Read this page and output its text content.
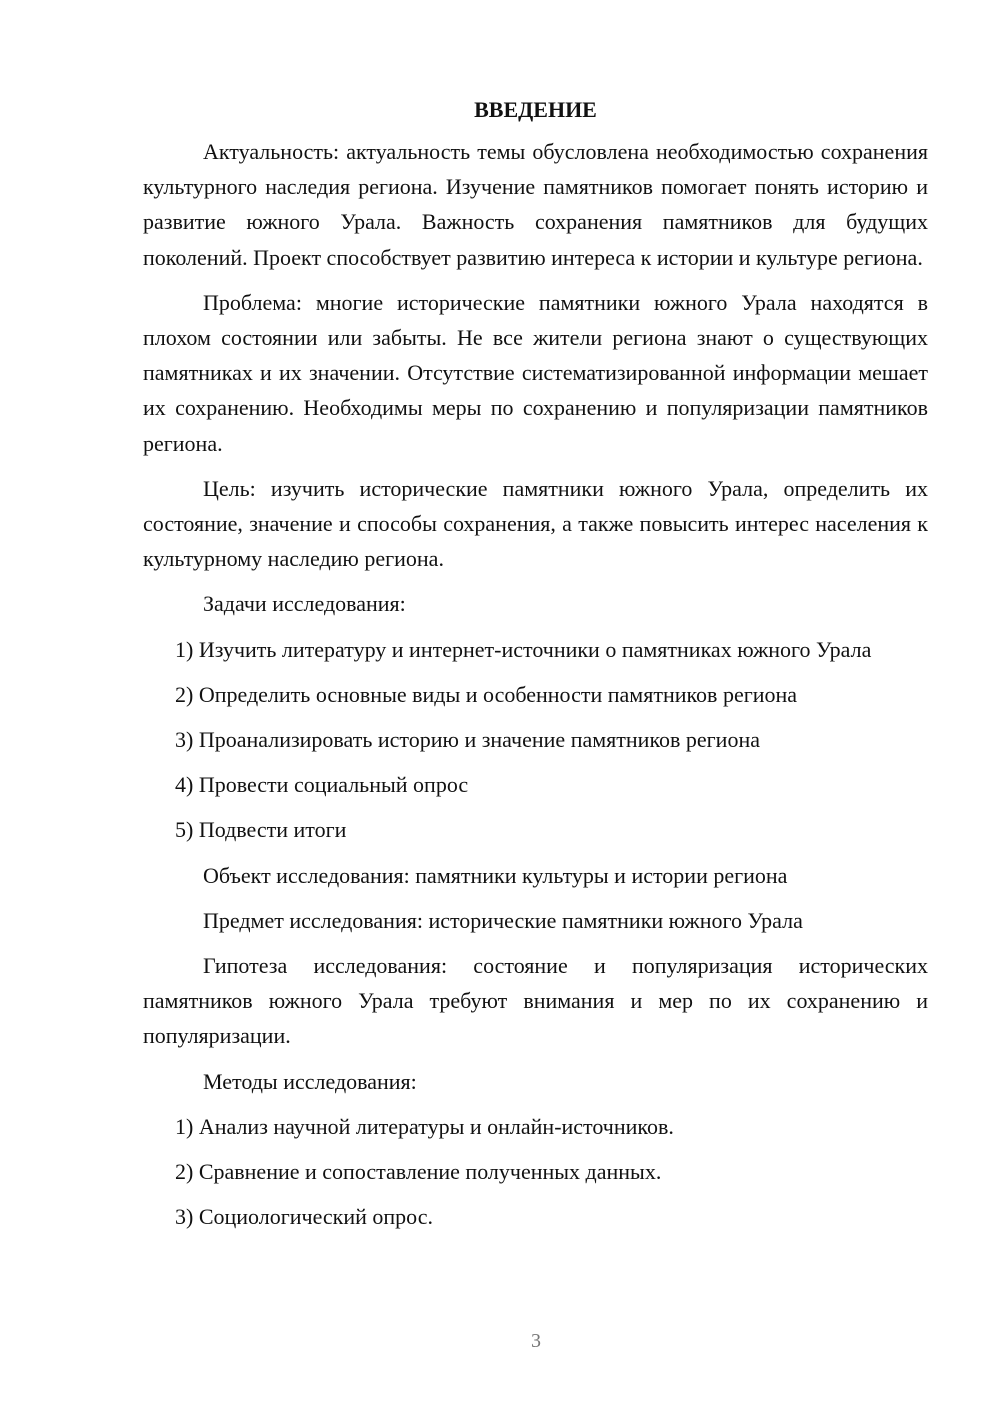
ВВЕДЕНИЕ

Актуальность: актуальность темы обусловлена необходимостью сохранения культурного наследия региона. Изучение памятников помогает понять историю и развитие южного Урала. Важность сохранения памятников для будущих поколений. Проект способствует развитию интереса к истории и культуре региона.

Проблема: многие исторические памятники южного Урала находятся в плохом состоянии или забыты. Не все жители региона знают о существующих памятниках и их значении. Отсутствие систематизированной информации мешает их сохранению. Необходимы меры по сохранению и популяризации памятников региона.

Цель: изучить исторические памятники южного Урала, определить их состояние, значение и способы сохранения, а также повысить интерес населения к культурному наследию региона.

Задачи исследования:

1) Изучить литературу и интернет-источники о памятниках южного Урала

2) Определить основные виды и особенности памятников региона

3) Проанализировать историю и значение памятников региона

4) Провести социальный опрос

5) Подвести итоги

Объект исследования: памятники культуры и истории региона

Предмет исследования: исторические памятники южного Урала

Гипотеза исследования: состояние и популяризация исторических памятников южного Урала требуют внимания и мер по их сохранению и популяризации.

Методы исследования:

1) Анализ научной литературы и онлайн-источников.

2) Сравнение и сопоставление полученных данных.

3) Социологический опрос.

3
